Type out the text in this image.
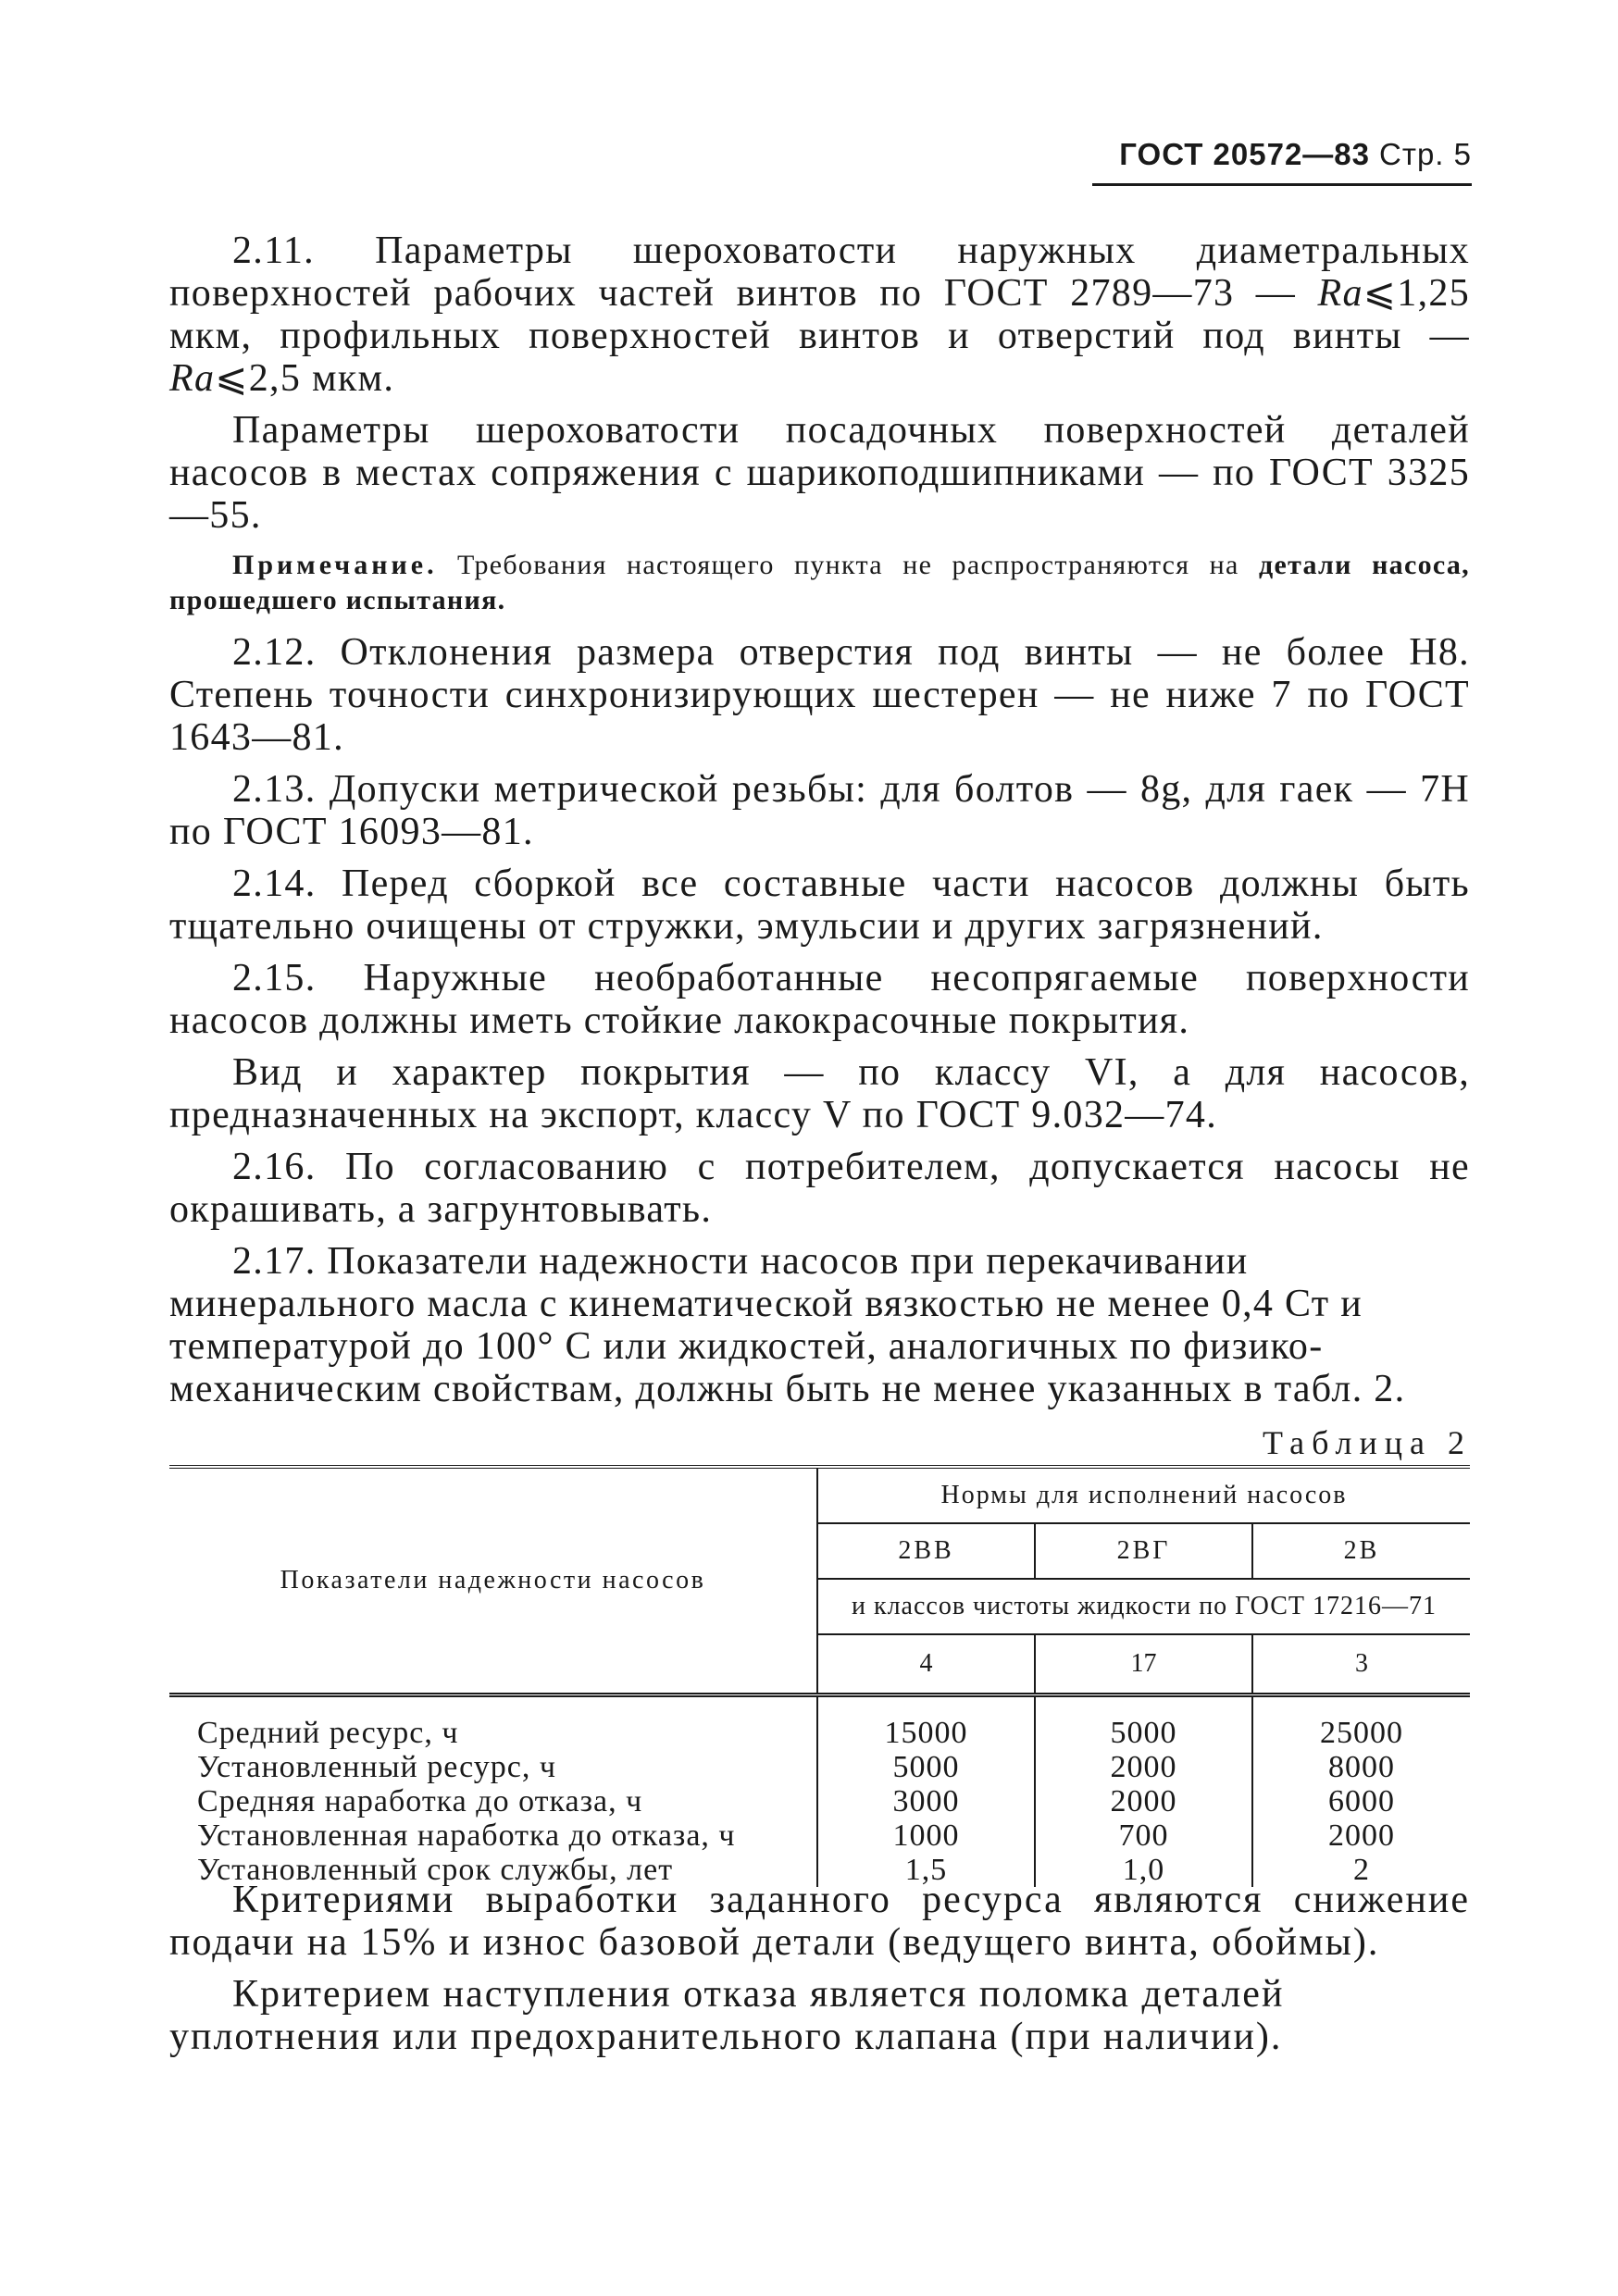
ГОСТ 20572—83 Стр. 5

2.11. Параметры шероховатости наружных диаметральных поверхностей рабочих частей винтов по ГОСТ 2789—73 — Ra⩽1,25 мкм, профильных поверхностей винтов и отверстий под винты — Ra⩽2,5 мкм.

Параметры шероховатости посадочных поверхностей деталей насосов в местах сопряжения с шарикоподшипниками — по ГОСТ 3325—55.

Примечание. Требования настоящего пункта не распространяются на детали насоса, прошедшего испытания.

2.12. Отклонения размера отверстия под винты — не более H8. Степень точности синхронизирующих шестерен — не ниже 7 по ГОСТ 1643—81.

2.13. Допуски метрической резьбы: для болтов — 8g, для гаек — 7H по ГОСТ 16093—81.

2.14. Перед сборкой все составные части насосов должны быть тщательно очищены от стружки, эмульсии и других загрязнений.

2.15. Наружные необработанные несопрягаемые поверхности насосов должны иметь стойкие лакокрасочные покрытия.

Вид и характер покрытия — по классу VI, а для насосов, предназначенных на экспорт, классу V по ГОСТ 9.032—74.

2.16. По согласованию с потребителем, допускается насосы не окрашивать, а загрунтовывать.

2.17. Показатели надежности насосов при перекачивании минерального масла с кинематической вязкостью не менее 0,4 Ст и температурой до 100° С или жидкостей, аналогичных по физико-механическим свойствам, должны быть не менее указанных в табл. 2.

Таблица 2
Показатели надежности насосов	Нормы для исполнений насосов		
	2ВВ	2ВГ	2В
	и классов чистоты жидкости по ГОСТ 17216—71		
	4	17	3
Средний ресурс, ч	15000	5000	25000
Установленный ресурс, ч	5000	2000	8000
Средняя наработка до отказа, ч	3000	2000	6000
Установленная наработка до отказа, ч	1000	700	2000
Установленный срок службы, лет	1,5	1,0	2

Критериями выработки заданного ресурса являются снижение подачи на 15% и износ базовой детали (ведущего винта, обоймы).

Критерием наступления отказа является поломка деталей уплотнения или предохранительного клапана (при наличии).
